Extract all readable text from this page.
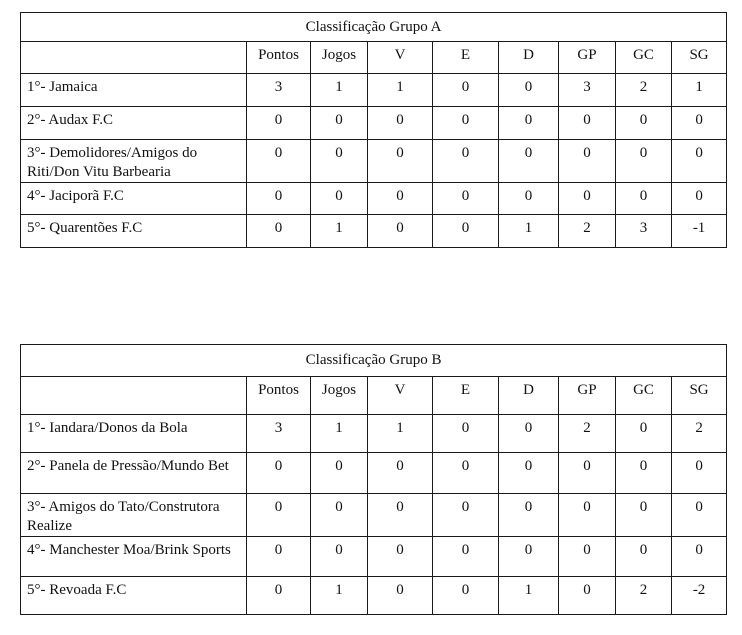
Classificação Grupo A								
	Pontos	Jogos	V	E	D	GP	GC	SG
1°- Jamaica	3	1	1	0	0	3	2	1
2°- Audax F.C	0	0	0	0	0	0	0	0
3°- Demolidores/Amigos do Riti/Don Vitu Barbearia	0	0	0	0	0	0	0	0
4°- Jaciporã F.C	0	0	0	0	0	0	0	0
5°- Quarentões F.C	0	1	0	0	1	2	3	-1
Classificação Grupo B								
	Pontos	Jogos	V	E	D	GP	GC	SG
1°- Iandara/Donos da Bola	3	1	1	0	0	2	0	2
2°- Panela de Pressão/Mundo Bet	0	0	0	0	0	0	0	0
3°- Amigos do Tato/Construtora Realize	0	0	0	0	0	0	0	0
4°- Manchester Moa/Brink Sports	0	0	0	0	0	0	0	0
5°- Revoada F.C	0	1	0	0	1	0	2	-2
